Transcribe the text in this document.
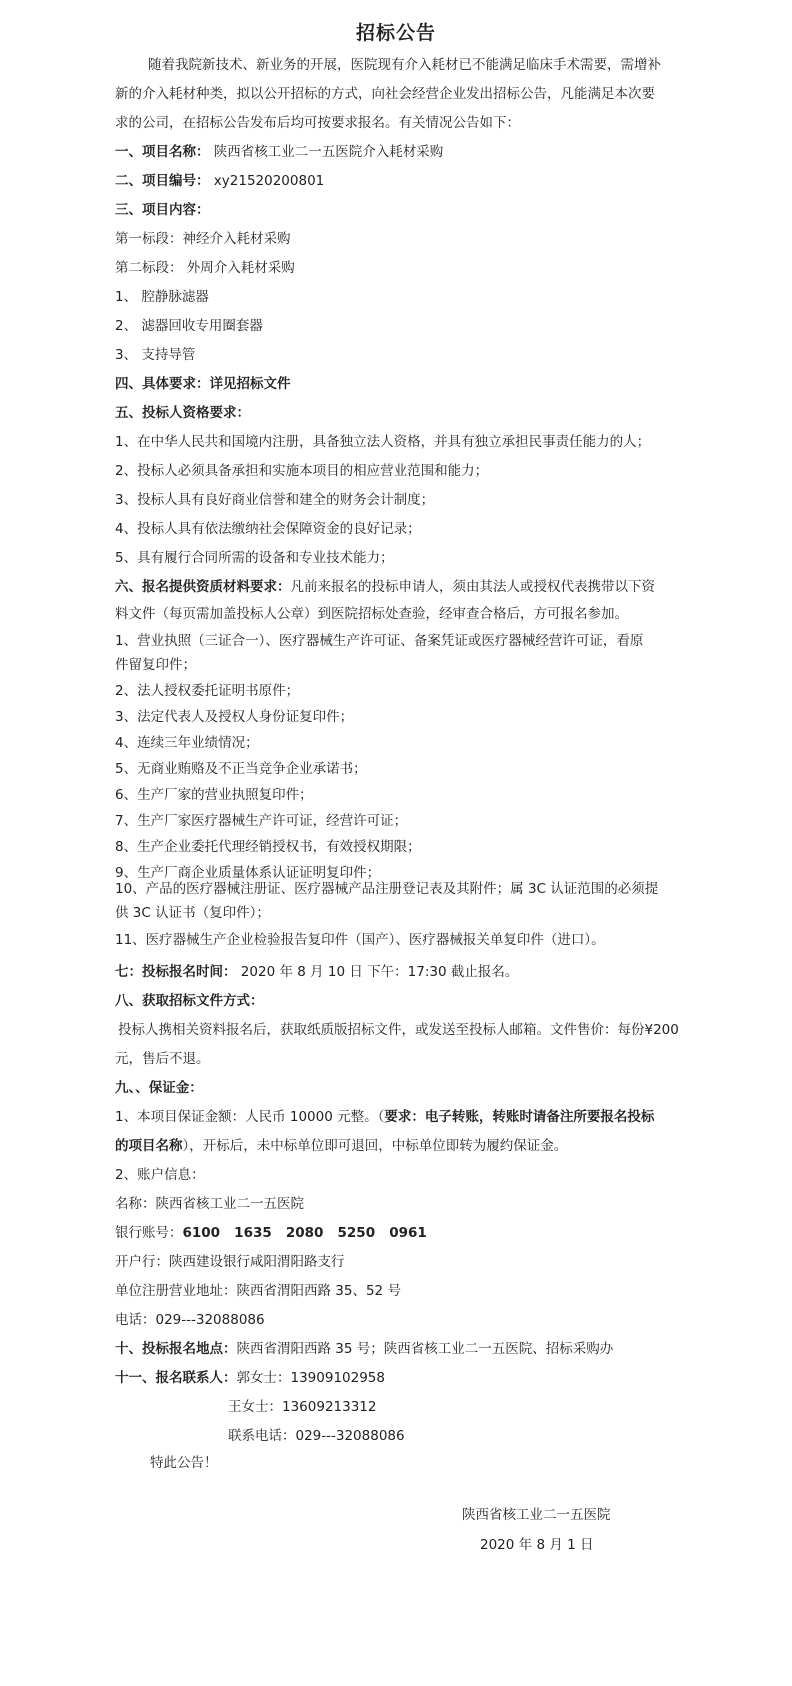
招标公告
随着我院新技术、新业务的开展，医院现有介入耗材已不能满足临床手术需要，需增补
新的介入耗材种类，拟以公开招标的方式，向社会经营企业发出招标公告，凡能满足本次要
求的公司，在招标公告发布后均可按要求报名。有关情况公告如下：
一、项目名称： 陕西省核工业二一五医院介入耗材采购
二、项目编号： xy21520200801
三、项目内容：
第一标段：神经介入耗材采购
第二标段： 外周介入耗材采购
1、 腔静脉滤器
2、 滤器回收专用圈套器
3、 支持导管
四、具体要求：详见招标文件
五、投标人资格要求：
1、在中华人民共和国境内注册，具备独立法人资格，并具有独立承担民事责任能力的人；
2、投标人必须具备承担和实施本项目的相应营业范围和能力；
3、投标人具有良好商业信誉和建全的财务会计制度；
4、投标人具有依法缴纳社会保障资金的良好记录；
5、具有履行合同所需的设备和专业技术能力；
六、报名提供资质材料要求：凡前来报名的投标申请人，须由其法人或授权代表携带以下资
料文件（每页需加盖投标人公章）到医院招标处查验，经审查合格后，方可报名参加。
1、营业执照（三证合一）、医疗器械生产许可证、备案凭证或医疗器械经营许可证，看原
件留复印件；
2、法人授权委托证明书原件；
3、法定代表人及授权人身份证复印件；
4、连续三年业绩情况；
5、无商业贿赂及不正当竞争企业承诺书；
6、生产厂家的营业执照复印件；
7、生产厂家医疗器械生产许可证，经营许可证；
8、生产企业委托代理经销授权书，有效授权期限；
9、生产厂商企业质量体系认证证明复印件；
10、产品的医疗器械注册证、医疗器械产品注册登记表及其附件；属 3C 认证范围的必须提
供 3C 认证书（复印件）；
11、医疗器械生产企业检验报告复印件（国产）、医疗器械报关单复印件（进口）。
七：投标报名时间： 2020 年 8 月 10 日 下午：17:30 截止报名。
八、获取招标文件方式：
投标人携相关资料报名后，获取纸质版招标文件，或发送至投标人邮箱。文件售价：每份¥200
元，售后不退。
九、、保证金：
1、本项目保证金额：人民币 10000 元整。（要求：电子转账，转账时请备注所要报名投标
的项目名称），开标后，未中标单位即可退回，中标单位即转为履约保证金。
2、账户信息：
名称：陕西省核工业二一五医院
银行账号：6100   1635   2080   5250   0961
开户行：陕西建设银行咸阳渭阳路支行
单位注册营业地址：陕西省渭阳西路 35、52 号
电话：029---32088086
十、投标报名地点：陕西省渭阳西路 35 号；陕西省核工业二一五医院、招标采购办
十一、报名联系人：郭女士：13909102958
王女士：13609213312
联系电话：029---32088086
特此公告！
陕西省核工业二一五医院
2020 年 8 月 1 日
